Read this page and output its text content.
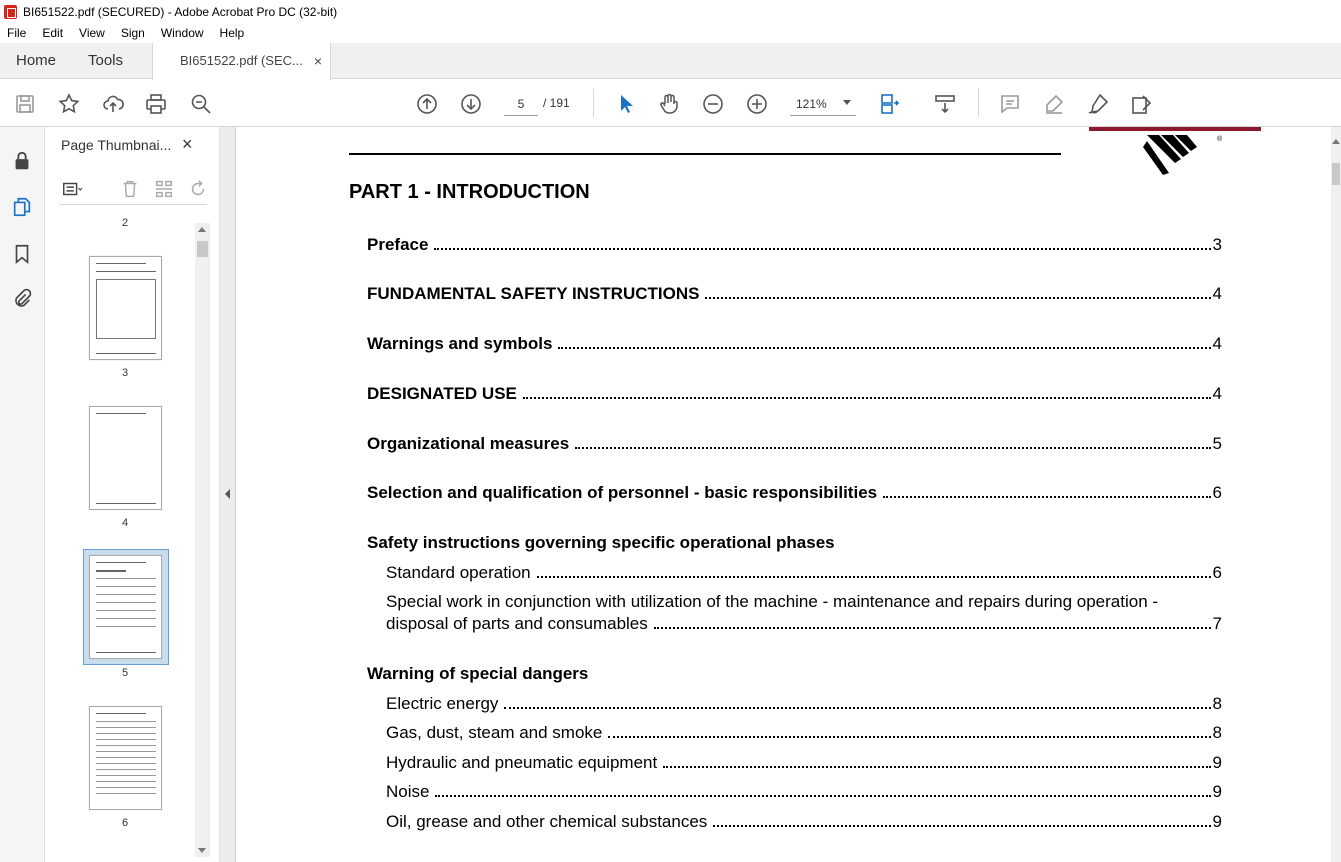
BI651522.pdf (SECURED) - Adobe Acrobat Pro DC (32-bit)
File Edit View Sign Window Help
Home Tools	BI651522.pdf (SEC... ×
5
/ 191	121%
Page Thumbnai... ×
2
3
4
5
6
®
PART 1 - INTRODUCTION
Preface	3
FUNDAMENTAL SAFETY INSTRUCTIONS	4
Warnings and symbols	4
DESIGNATED USE	4
Organizational measures	5
Selection and qualification of personnel - basic responsibilities	6
Safety instructions governing specific operational phases
Standard operation	6
Special work in conjunction with utilization of the machine - maintenance and repairs during operation -
disposal of parts and consumables	7
Warning of special dangers
Electric energy	8
Gas, dust, steam and smoke	8
Hydraulic and pneumatic equipment	9
Noise	9
Oil, grease and other chemical substances	9
